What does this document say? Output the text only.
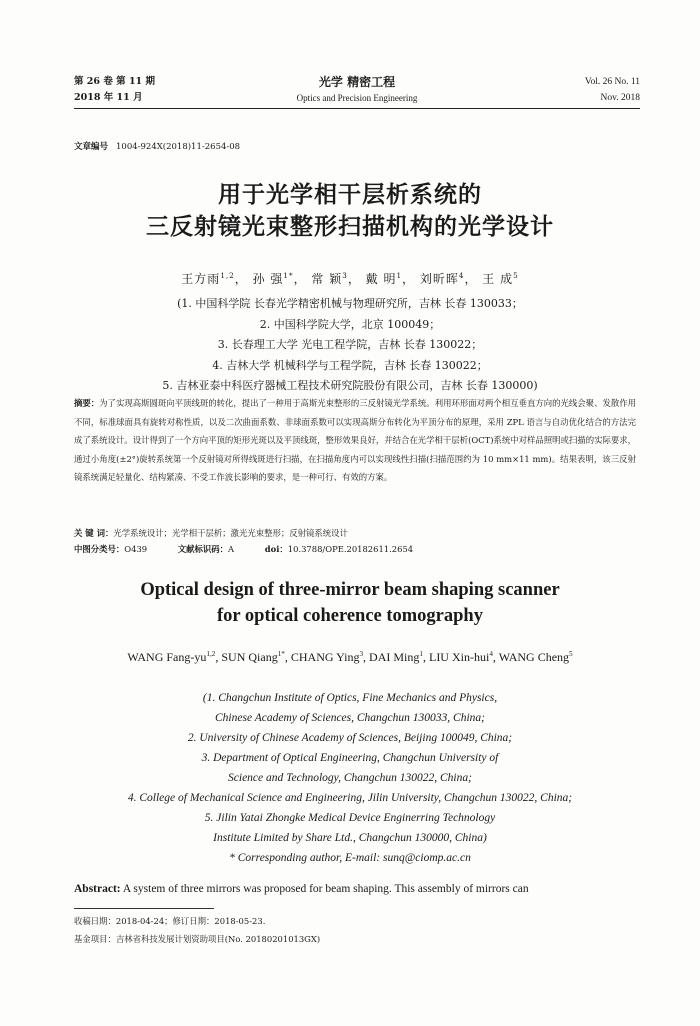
第 26 卷 第 11 期
2018 年 11 月
光学 精密工程
Optics and Precision Engineering
Vol. 26 No. 11
Nov. 2018
文章编号 1004-924X(2018)11-2654-08
用于光学相干层析系统的
三反射镜光束整形扫描机构的光学设计
王方雨$^{1,2}$， 孙 强$^{1*}$， 常 颖$^3$， 戴 明$^1$， 刘昕晖$^4$， 王 成$^5$
(1. 中国科学院 长春光学精密机械与物理研究所，吉林 长春 130033；
2. 中国科学院大学，北京 100049；
3. 长春理工大学 光电工程学院，吉林 长春 130022；
4. 吉林大学 机械科学与工程学院，吉林 长春 130022；
5. 吉林亚泰中科医疗器械工程技术研究院股份有限公司，吉林 长春 130000)
摘要：为了实现高斯圆斑向平顶线斑的转化，提出了一种用于高斯光束整形的三反射镜光学系统。利用环形面对两个相互垂直方向的光线会聚、发散作用不同，标准球面具有旋转对称性质，以及二次曲面系数、非球面系数可以实现高斯分布转化为平顶分布的原理，采用 ZPL 语言与自动优化结合的方法完成了系统设计。设计得到了一个方向平顶的矩形光斑以及平顶线斑，整形效果良好，并结合在光学相干层析(OCT)系统中对样品照明或扫描的实际要求，通过小角度(±2°)旋转系统第一个反射镜对所得线斑进行扫描，在扫描角度内可以实现线性扫描(扫描范围约为 10 mm×11 mm)。结果表明，该三反射镜系统满足轻量化、结构紧凑、不受工作波长影响的要求，是一种可行、有效的方案。
关 键 词：光学系统设计；光学相干层析；激光光束整形；反射镜系统设计
中图分类号：O439	文献标识码：A	doi：10.3788/OPE.20182611.2654
Optical design of three-mirror beam shaping scanner
for optical coherence tomography
WANG Fang-yu$^{1,2}$, SUN Qiang$^{1*}$, CHANG Ying$^3$, DAI Ming$^1$, LIU Xin-hui$^4$, WANG Cheng$^5$
(1. Changchun Institute of Optics, Fine Mechanics and Physics,
Chinese Academy of Sciences, Changchun 130033, China;
2. University of Chinese Academy of Sciences, Beijing 100049, China;
3. Department of Optical Engineering, Changchun University of
Science and Technology, Changchun 130022, China;
4. College of Mechanical Science and Engineering, Jilin University, Changchun 130022, China;
5. Jilin Yatai Zhongke Medical Device Enginerring Technology
Institute Limited by Share Ltd., Changchun 130000, China)
* Corresponding author, E-mail: sunq@ciomp.ac.cn
Abstract: A system of three mirrors was proposed for beam shaping. This assembly of mirrors can
收稿日期：2018-04-24；修订日期：2018-05-23.
基金项目：吉林省科技发展计划资助项目(No. 20180201013GX)
